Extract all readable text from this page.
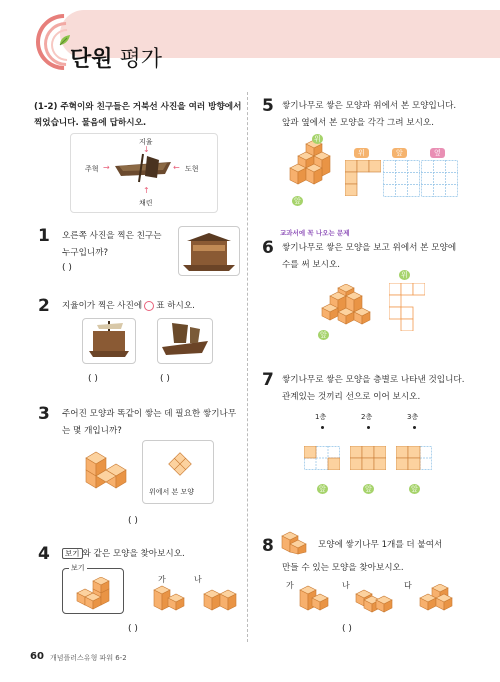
단원 평가
(1-2) 주혁이와 친구들은 거북선 사진을 여러 방향에서 찍었습니다. 물음에 답하시오.
지율
↓
주혁 →	← 도현
↑
채린
1 오른쪽 사진을 찍은 친구는 누구입니까?
( )
2 지율이가 찍은 사진에 표 하시오.
( )	( )
3 주어진 모양과 똑같이 쌓는 데 필요한 쌓기나무는 몇 개입니까?
위에서 본 모양
( )
4	보기 와 같은 모양을 찾아보시오.
보기
가	나
( )
5 쌓기나무로 쌓은 모양과 위에서 본 모양입니다. 앞과 옆에서 본 모양을 각각 그려 보시오.
위
앞
위	앞	옆
교과서에 꼭 나오는 문제
6 쌓기나무로 쌓은 모양을 보고 위에서 본 모양에 수를 써 보시오.
앞
위
7 쌓기나무로 쌓은 모양을 층별로 나타낸 것입니다. 관계있는 것끼리 선으로 이어 보시오.
1층	2층	3층
앞	앞	앞
8	모양에 쌓기나무 1개를 더 붙여서
만들 수 있는 모양을 찾아보시오.
가	나	다
( )
60 개념플러스유형 파워 6-2
